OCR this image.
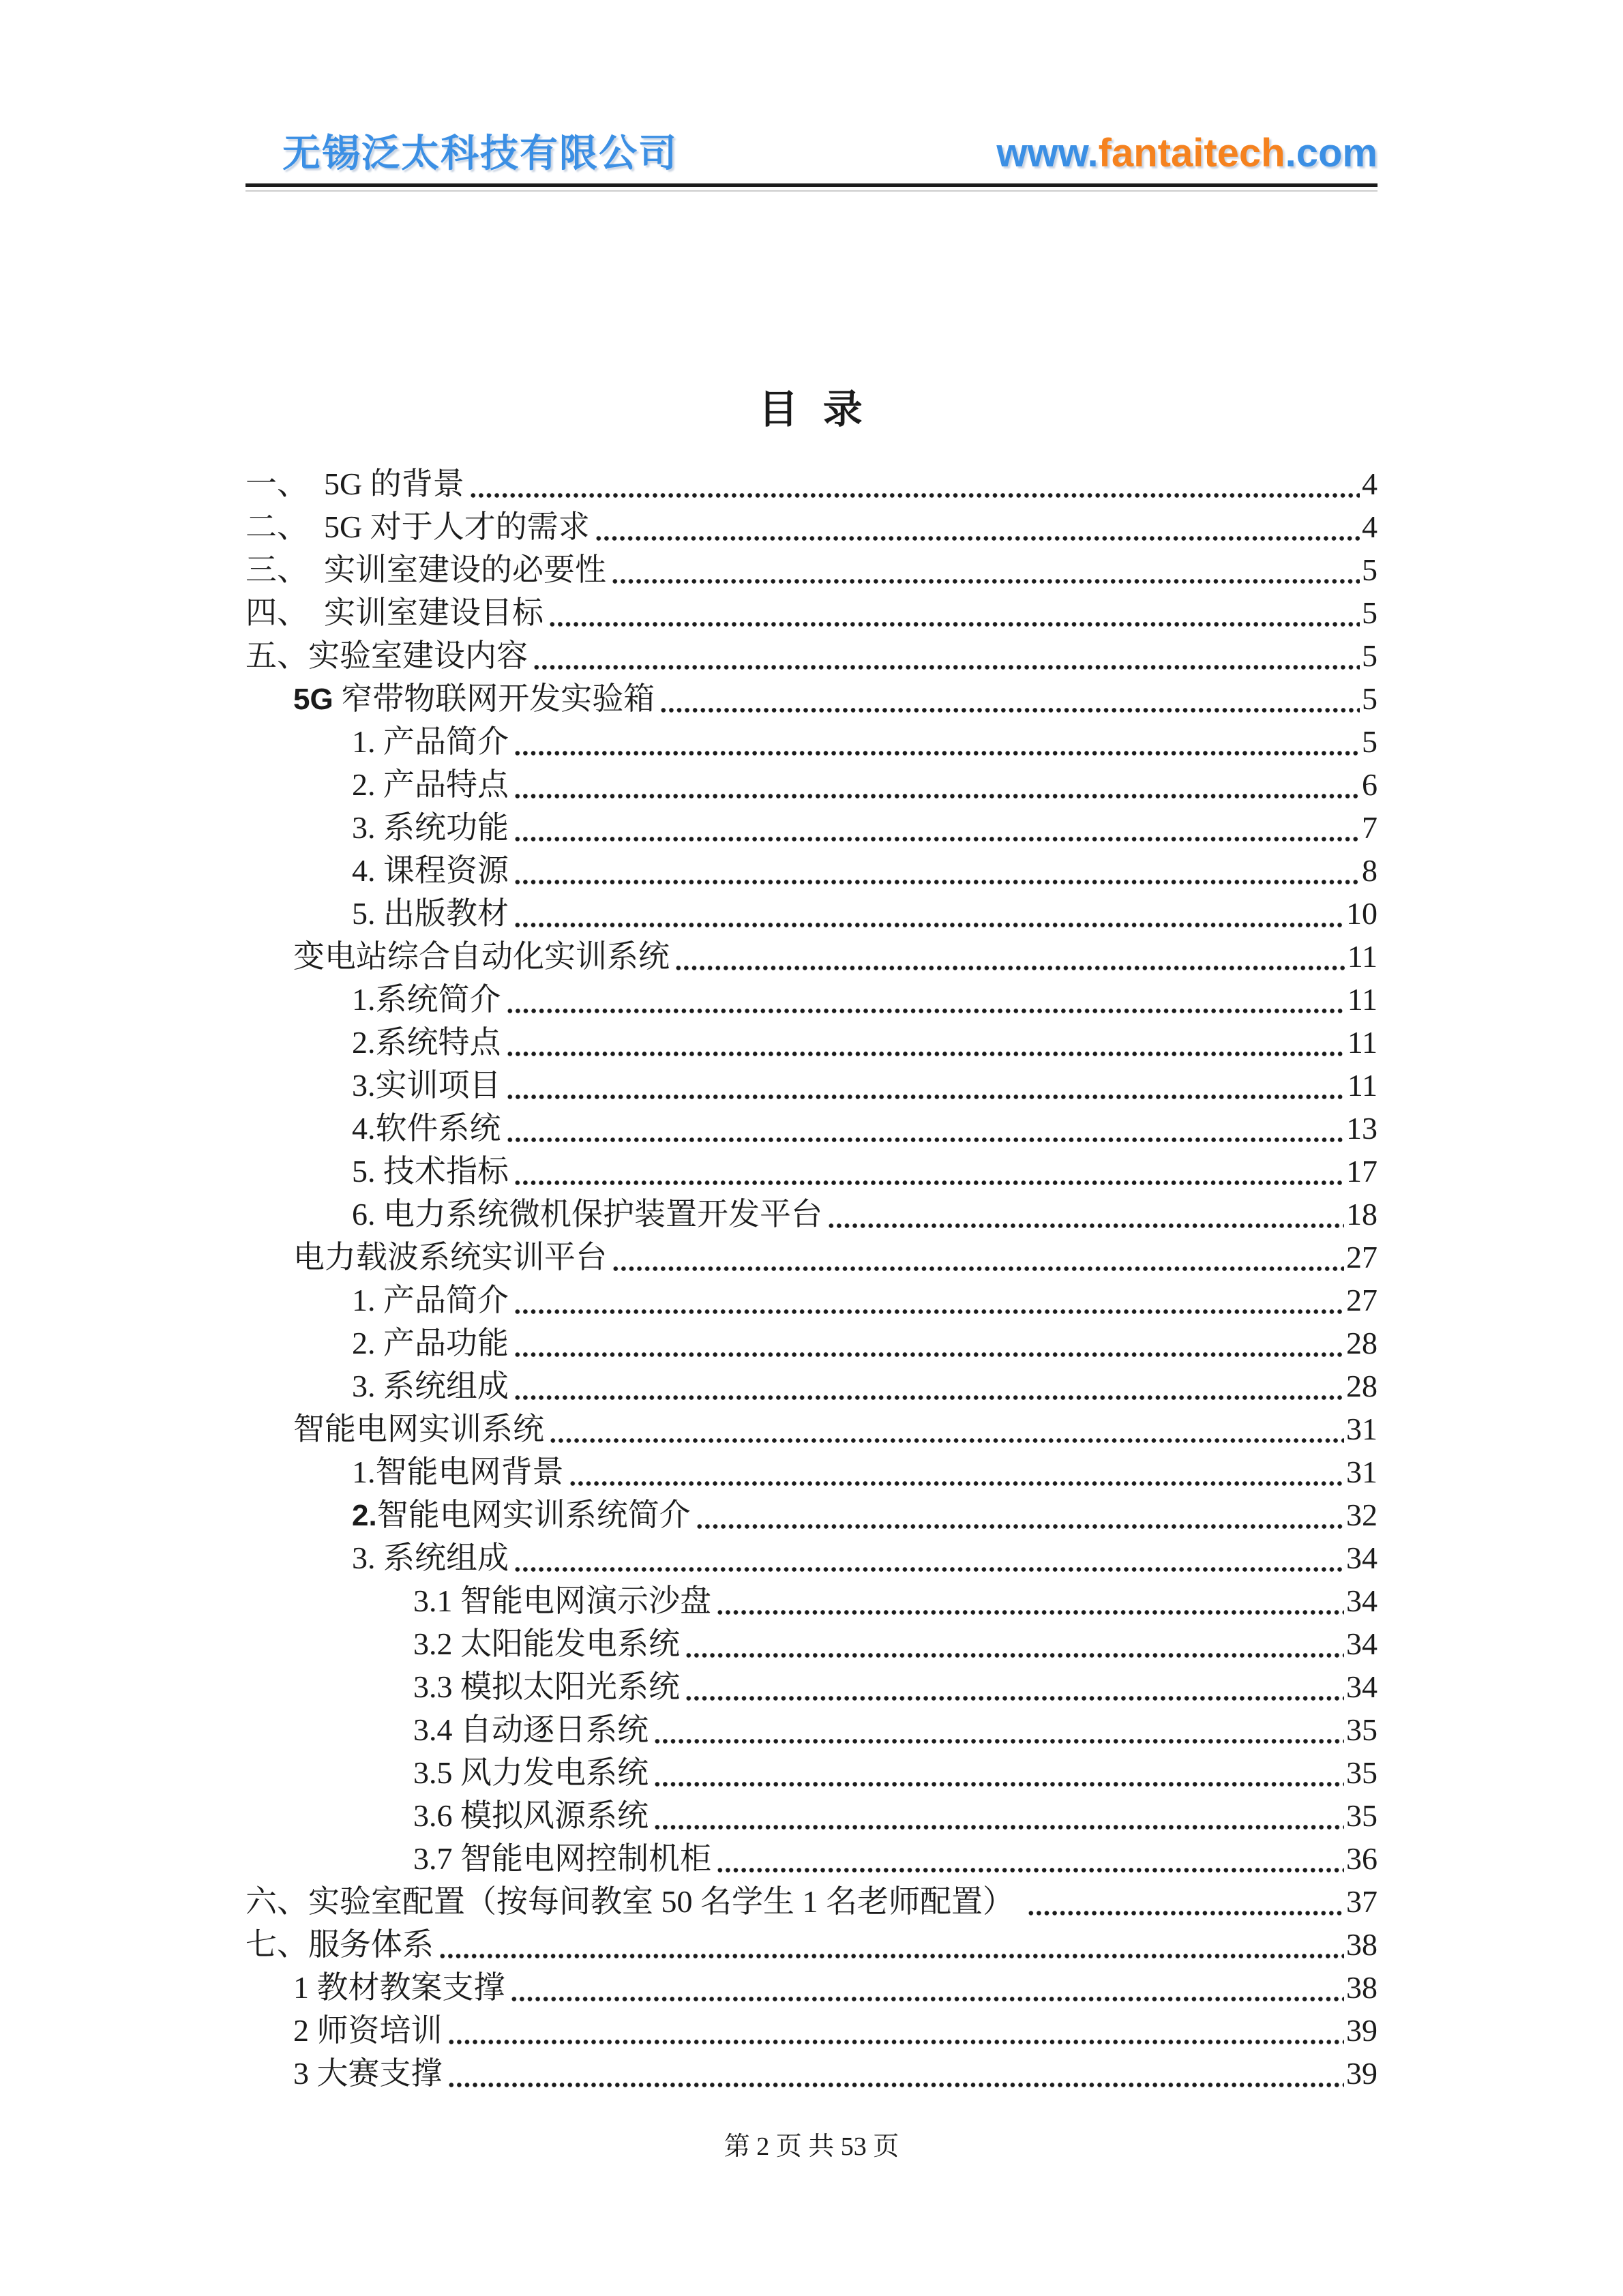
无锡泛太科技有限公司	www.fantaitech.com
目 录
一、  5G 的背景	4
二、  5G 对于人才的需求	4
三、  实训室建设的必要性	5
四、  实训室建设目标	5
五、实验室建设内容	5
5G 窄带物联网开发实验箱	5
1. 产品简介	5
2. 产品特点	6
3. 系统功能	7
4. 课程资源	8
5. 出版教材	10
变电站综合自动化实训系统	11
1.系统简介	11
2.系统特点	11
3.实训项目	11
4.软件系统	13
5. 技术指标	17
6. 电力系统微机保护装置开发平台	18
电力载波系统实训平台	27
1. 产品简介	27
2. 产品功能	28
3. 系统组成	28
智能电网实训系统	31
1.智能电网背景	31
2.智能电网实训系统简介	32
3. 系统组成	34
3.1 智能电网演示沙盘	34
3.2 太阳能发电系统	34
3.3 模拟太阳光系统	34
3.4 自动逐日系统	35
3.5 风力发电系统	35
3.6 模拟风源系统	35
3.7 智能电网控制机柜	36
六、实验室配置（按每间教室 50 名学生 1 名老师配置）	37
七、服务体系	38
1 教材教案支撑	38
2 师资培训	39
3 大赛支撑	39
第 2 页 共 53 页
